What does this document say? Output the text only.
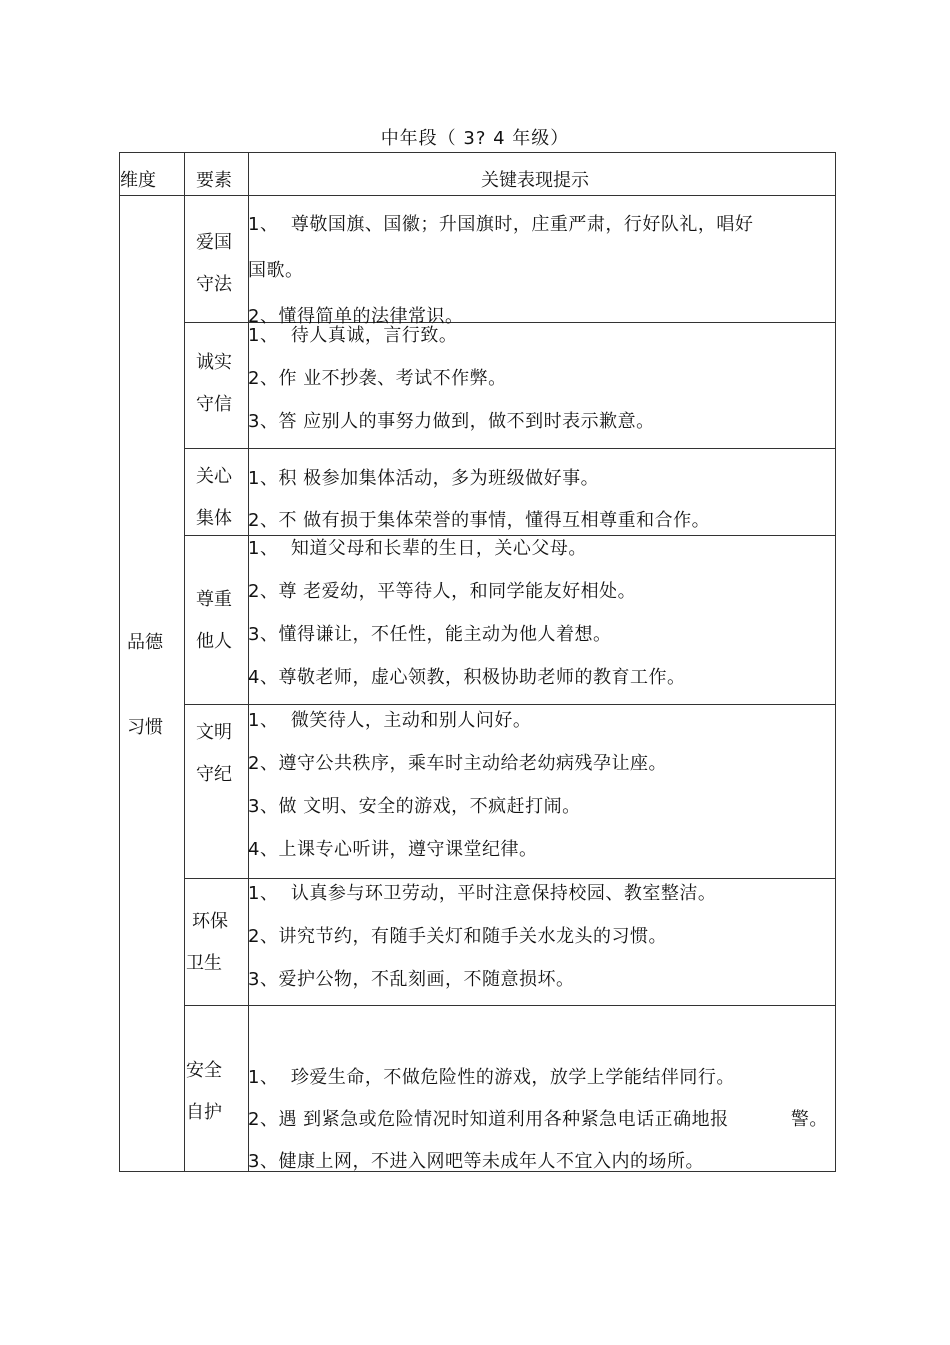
中年段（ 3? 4 年级）
维度 要素	关键表现提示
品德
习惯
爱国
守法
1、  尊敬国旗、国徽；升国旗时，庄重严肃，行好队礼，唱好
国歌。
2、懂得简单的法律常识。
诚实
守信
1、  待人真诚，言行致。
2、作 业不抄袭、考试不作弊。
3、答 应别人的事努力做到，做不到时表示歉意。
关心
集体
1、积 极参加集体活动，多为班级做好事。
2、不 做有损于集体荣誉的事情，懂得互相尊重和合作。
尊重
他人
1、  知道父母和长辈的生日，关心父母。
2、尊 老爱幼，平等待人，和同学能友好相处。
3、懂得谦让，不任性，能主动为他人着想。
4、尊敬老师，虚心领教，积极协助老师的教育工作。
文明
守纪
1、  微笑待人，主动和别人问好。
2、遵守公共秩序，乘车时主动给老幼病残孕让座。
3、做 文明、安全的游戏，不疯赶打闹。
4、上课专心听讲，遵守课堂纪律。
环保
卫生
1、  认真参与环卫劳动，平时注意保持校园、教室整洁。
2、讲究节约，有随手关灯和随手关水龙头的习惯。
3、爱护公物，不乱刻画，不随意损坏。
安全
自护
1、  珍爱生命，不做危险性的游戏，放学上学能结伴同行。
2、遇 到紧急或危险情况时知道利用各种紧急电话正确地报          警。
3、健康上网，不进入网吧等未成年人不宜入内的场所。
